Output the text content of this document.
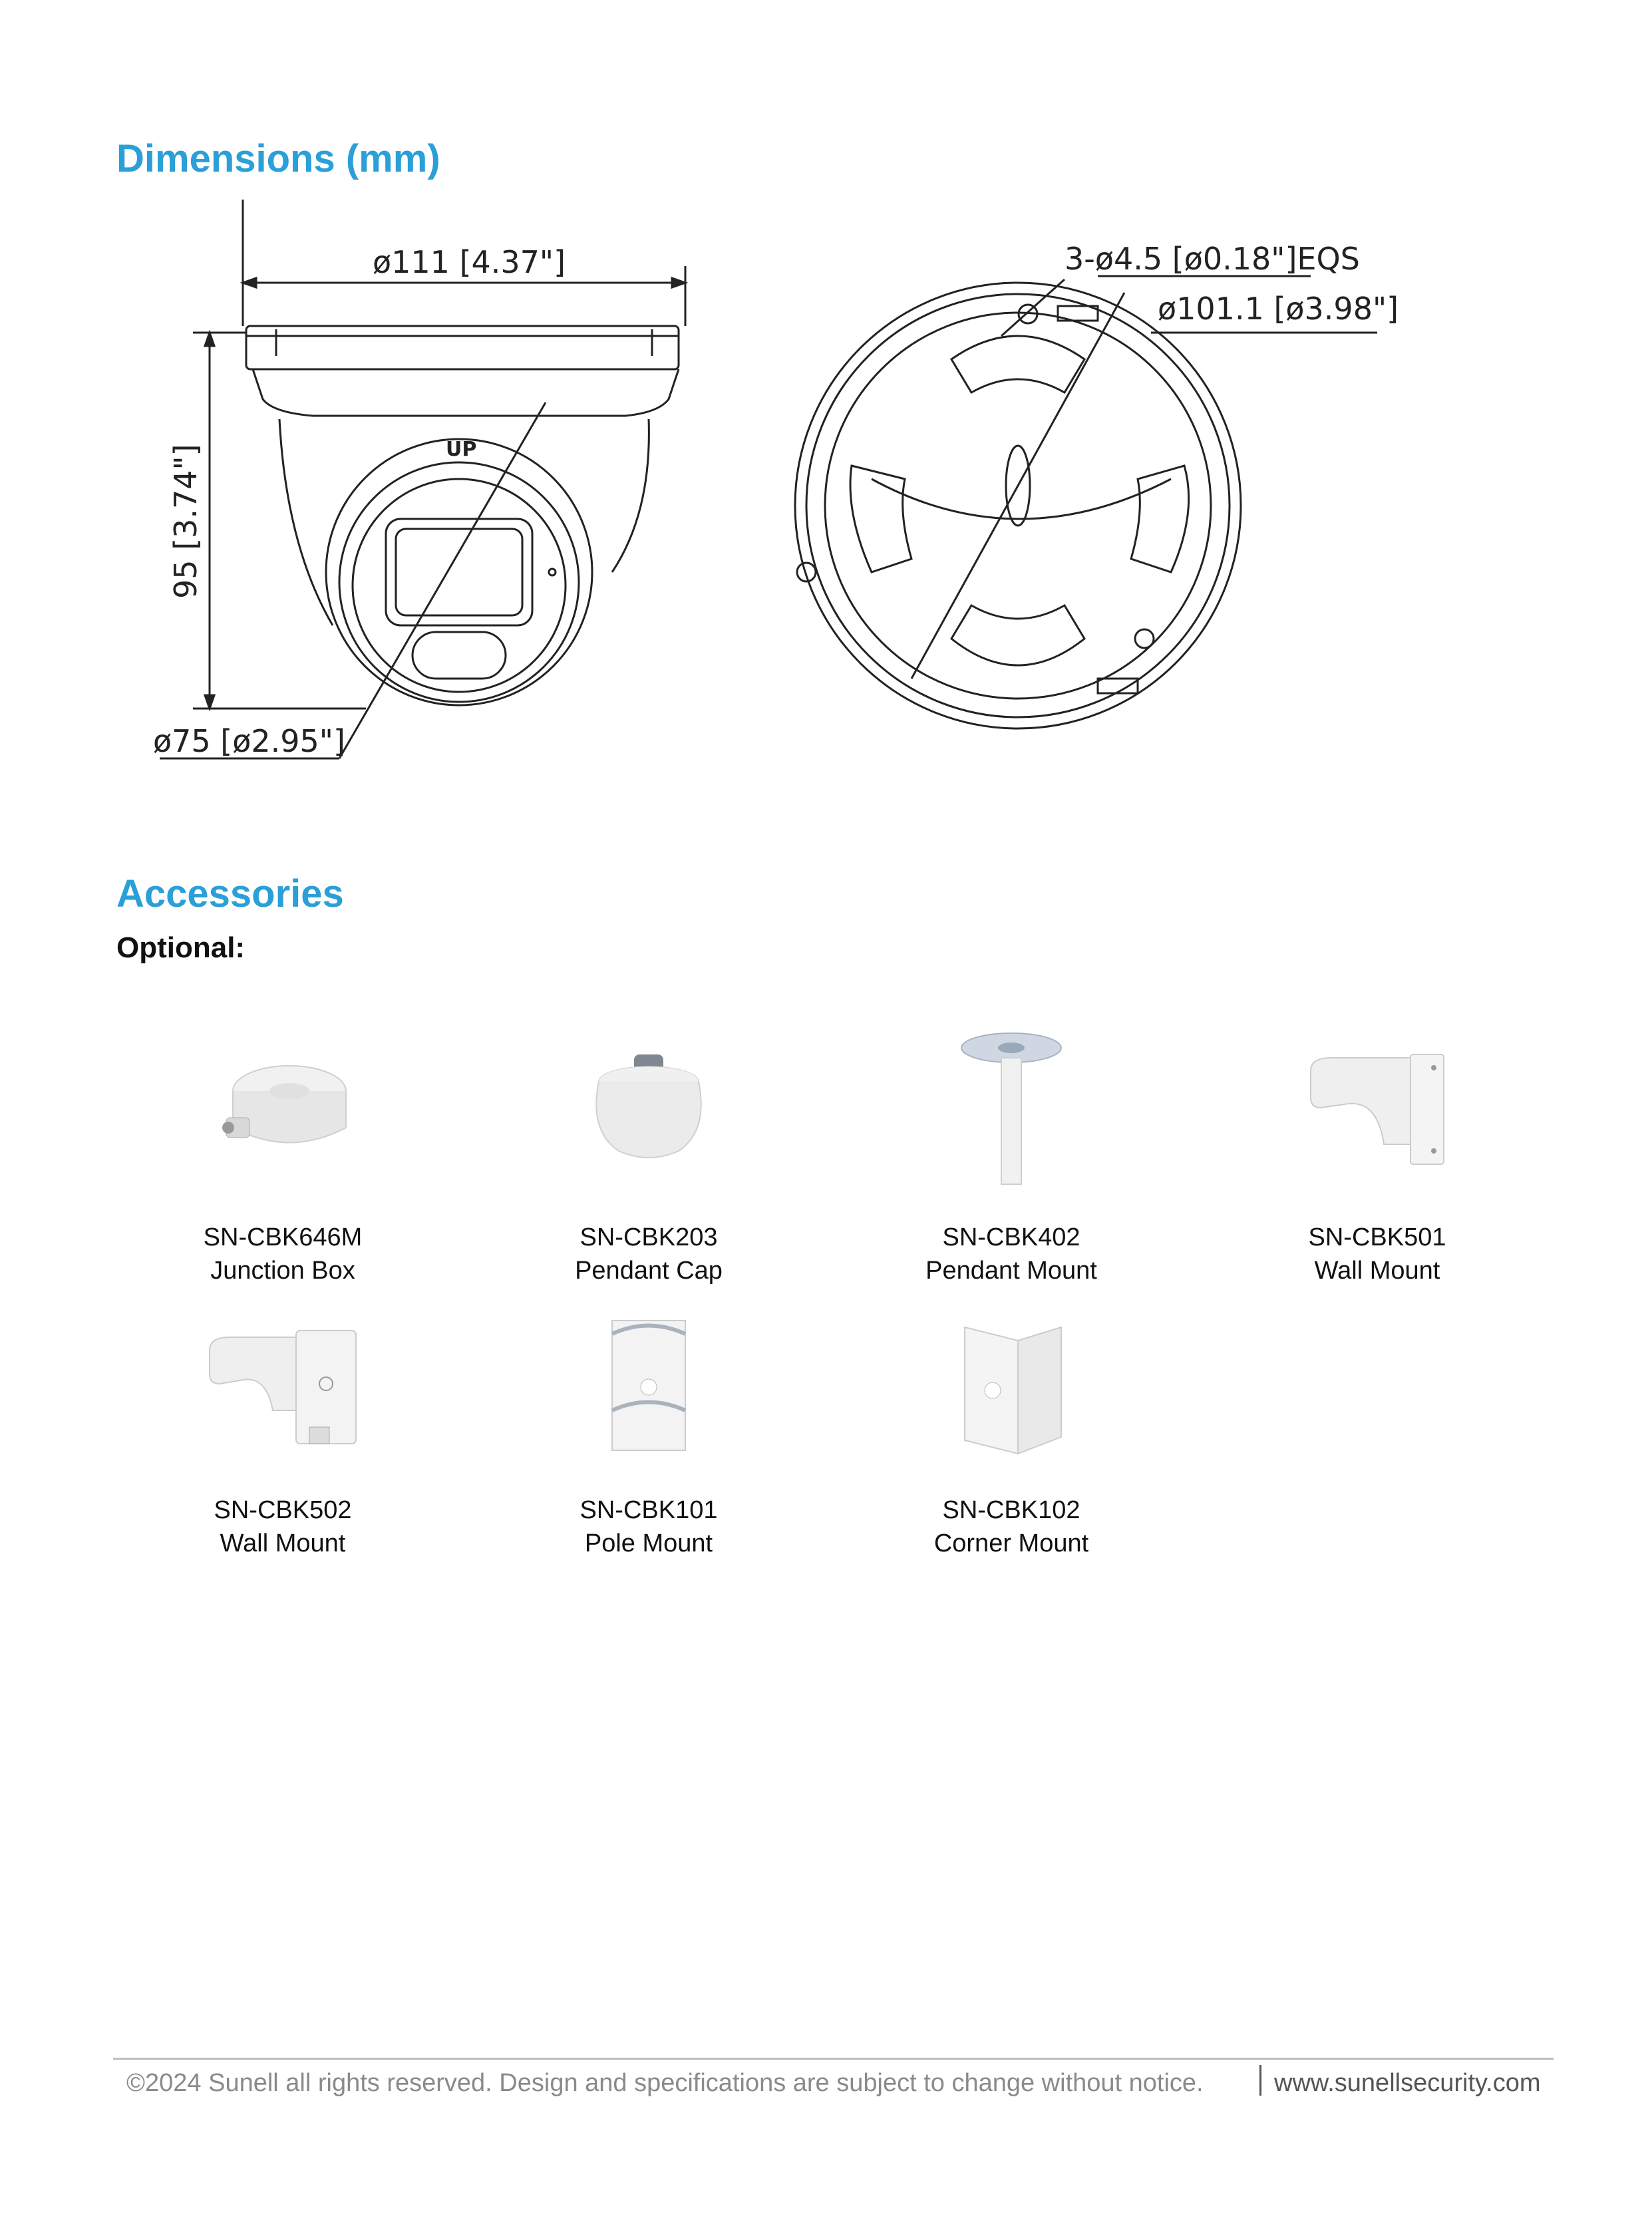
Dimensions (mm)
ø111 [4.37"]
95 [3.74"]	UP
ø75 [ø2.95"]
3-ø4.5 [ø0.18"]EQS
ø101.1 [ø3.98"]
Accessories

Optional:

SN-CBK646M
Junction Box
SN-CBK203
Pendant Cap
SN-CBK402
Pendant Mount
SN-CBK501
Wall Mount
SN-CBK502
Wall Mount
SN-CBK101
Pole Mount
SN-CBK102
Corner Mount
©2024 Sunell all rights reserved. Design and specifications are subject to change without notice.	www.sunellsecurity.com
